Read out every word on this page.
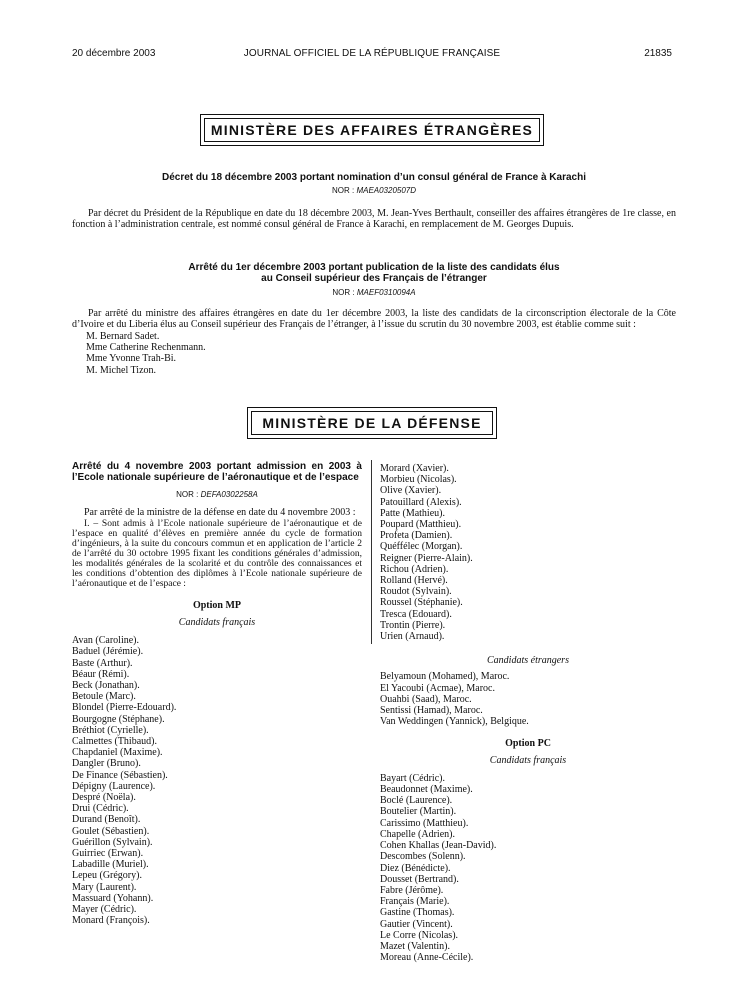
20 décembre 2003	JOURNAL OFFICIEL DE LA RÉPUBLIQUE FRANÇAISE	21835
MINISTÈRE DES AFFAIRES ÉTRANGÈRES
Décret du 18 décembre 2003 portant nomination d’un consul général de France à Karachi
NOR : MAEA0320507D
Par décret du Président de la République en date du 18 décembre 2003, M. Jean-Yves Berthault, conseiller des affaires étrangères de 1re classe, en fonction à l’administration centrale, est nommé consul général de France à Karachi, en remplacement de M. Georges Dupuis.
Arrêté du 1er décembre 2003 portant publication de la liste des candidats élus
au Conseil supérieur des Français de l’étranger
NOR : MAEF0310094A
Par arrêté du ministre des affaires étrangères en date du 1er décembre 2003, la liste des candidats de la circonscription électorale de la Côte d’Ivoire et du Liberia élus au Conseil supérieur des Français de l’étranger, à l’issue du scrutin du 30 novembre 2003, est établie comme suit :
M. Bernard Sadet.
Mme Catherine Rechenmann.
Mme Yvonne Trah-Bi.
M. Michel Tizon.
MINISTÈRE DE LA DÉFENSE
Arrêté du 4 novembre 2003 portant admission en 2003 à l’Ecole nationale supérieure de l’aéronautique et de l’espace
NOR : DEFA0302258A
Par arrêté de la ministre de la défense en date du 4 novembre 2003 :
I. – Sont admis à l’Ecole nationale supérieure de l’aéronautique et de l’espace en qualité d’élèves en première année du cycle de formation d’ingénieurs, à la suite du concours commun et en application de l’article 2 de l’arrêté du 30 octobre 1995 fixant les conditions générales d’admission, les modalités générales de la scolarité et du contrôle des connaissances et les conditions d’obtention des diplômes à l’Ecole nationale supérieure de l’aéronautique et de l’espace :
Option MP
Candidats français
Avan (Caroline).
Baduel (Jérémie).
Baste (Arthur).
Béaur (Rémi).
Beck (Jonathan).
Betoule (Marc).
Blondel (Pierre-Edouard).
Bourgogne (Stéphane).
Bréthiot (Cyrielle).
Calmettes (Thibaud).
Chapdaniel (Maxime).
Dangler (Bruno).
De Finance (Sébastien).
Dépigny (Laurence).
Despré (Noëla).
Drui (Cédric).
Durand (Benoît).
Goulet (Sébastien).
Guérillon (Sylvain).
Guirriec (Erwan).
Labadille (Muriel).
Lepeu (Grégory).
Mary (Laurent).
Massuard (Yohann).
Mayer (Cédric).
Monard (François).
Morard (Xavier).
Morbieu (Nicolas).
Olive (Xavier).
Patouillard (Alexis).
Patte (Mathieu).
Poupard (Matthieu).
Profeta (Damien).
Quéffélec (Morgan).
Reigner (Pierre-Alain).
Richou (Adrien).
Rolland (Hervé).
Roudot (Sylvain).
Roussel (Stéphanie).
Tresca (Edouard).
Trontin (Pierre).
Urien (Arnaud).
Candidats étrangers
Belyamoun (Mohamed), Maroc.
El Yacoubi (Acmae), Maroc.
Ouahbi (Saad), Maroc.
Sentissi (Hamad), Maroc.
Van Weddingen (Yannick), Belgique.
Option PC
Candidats français
Bayart (Cédric).
Beaudonnet (Maxime).
Boclé (Laurence).
Boutelier (Martin).
Carissimo (Matthieu).
Chapelle (Adrien).
Cohen Khallas (Jean-David).
Descombes (Solenn).
Diez (Bénédicte).
Dousset (Bertrand).
Fabre (Jérôme).
Français (Marie).
Gastine (Thomas).
Gautier (Vincent).
Le Corre (Nicolas).
Mazet (Valentin).
Moreau (Anne-Cécile).
